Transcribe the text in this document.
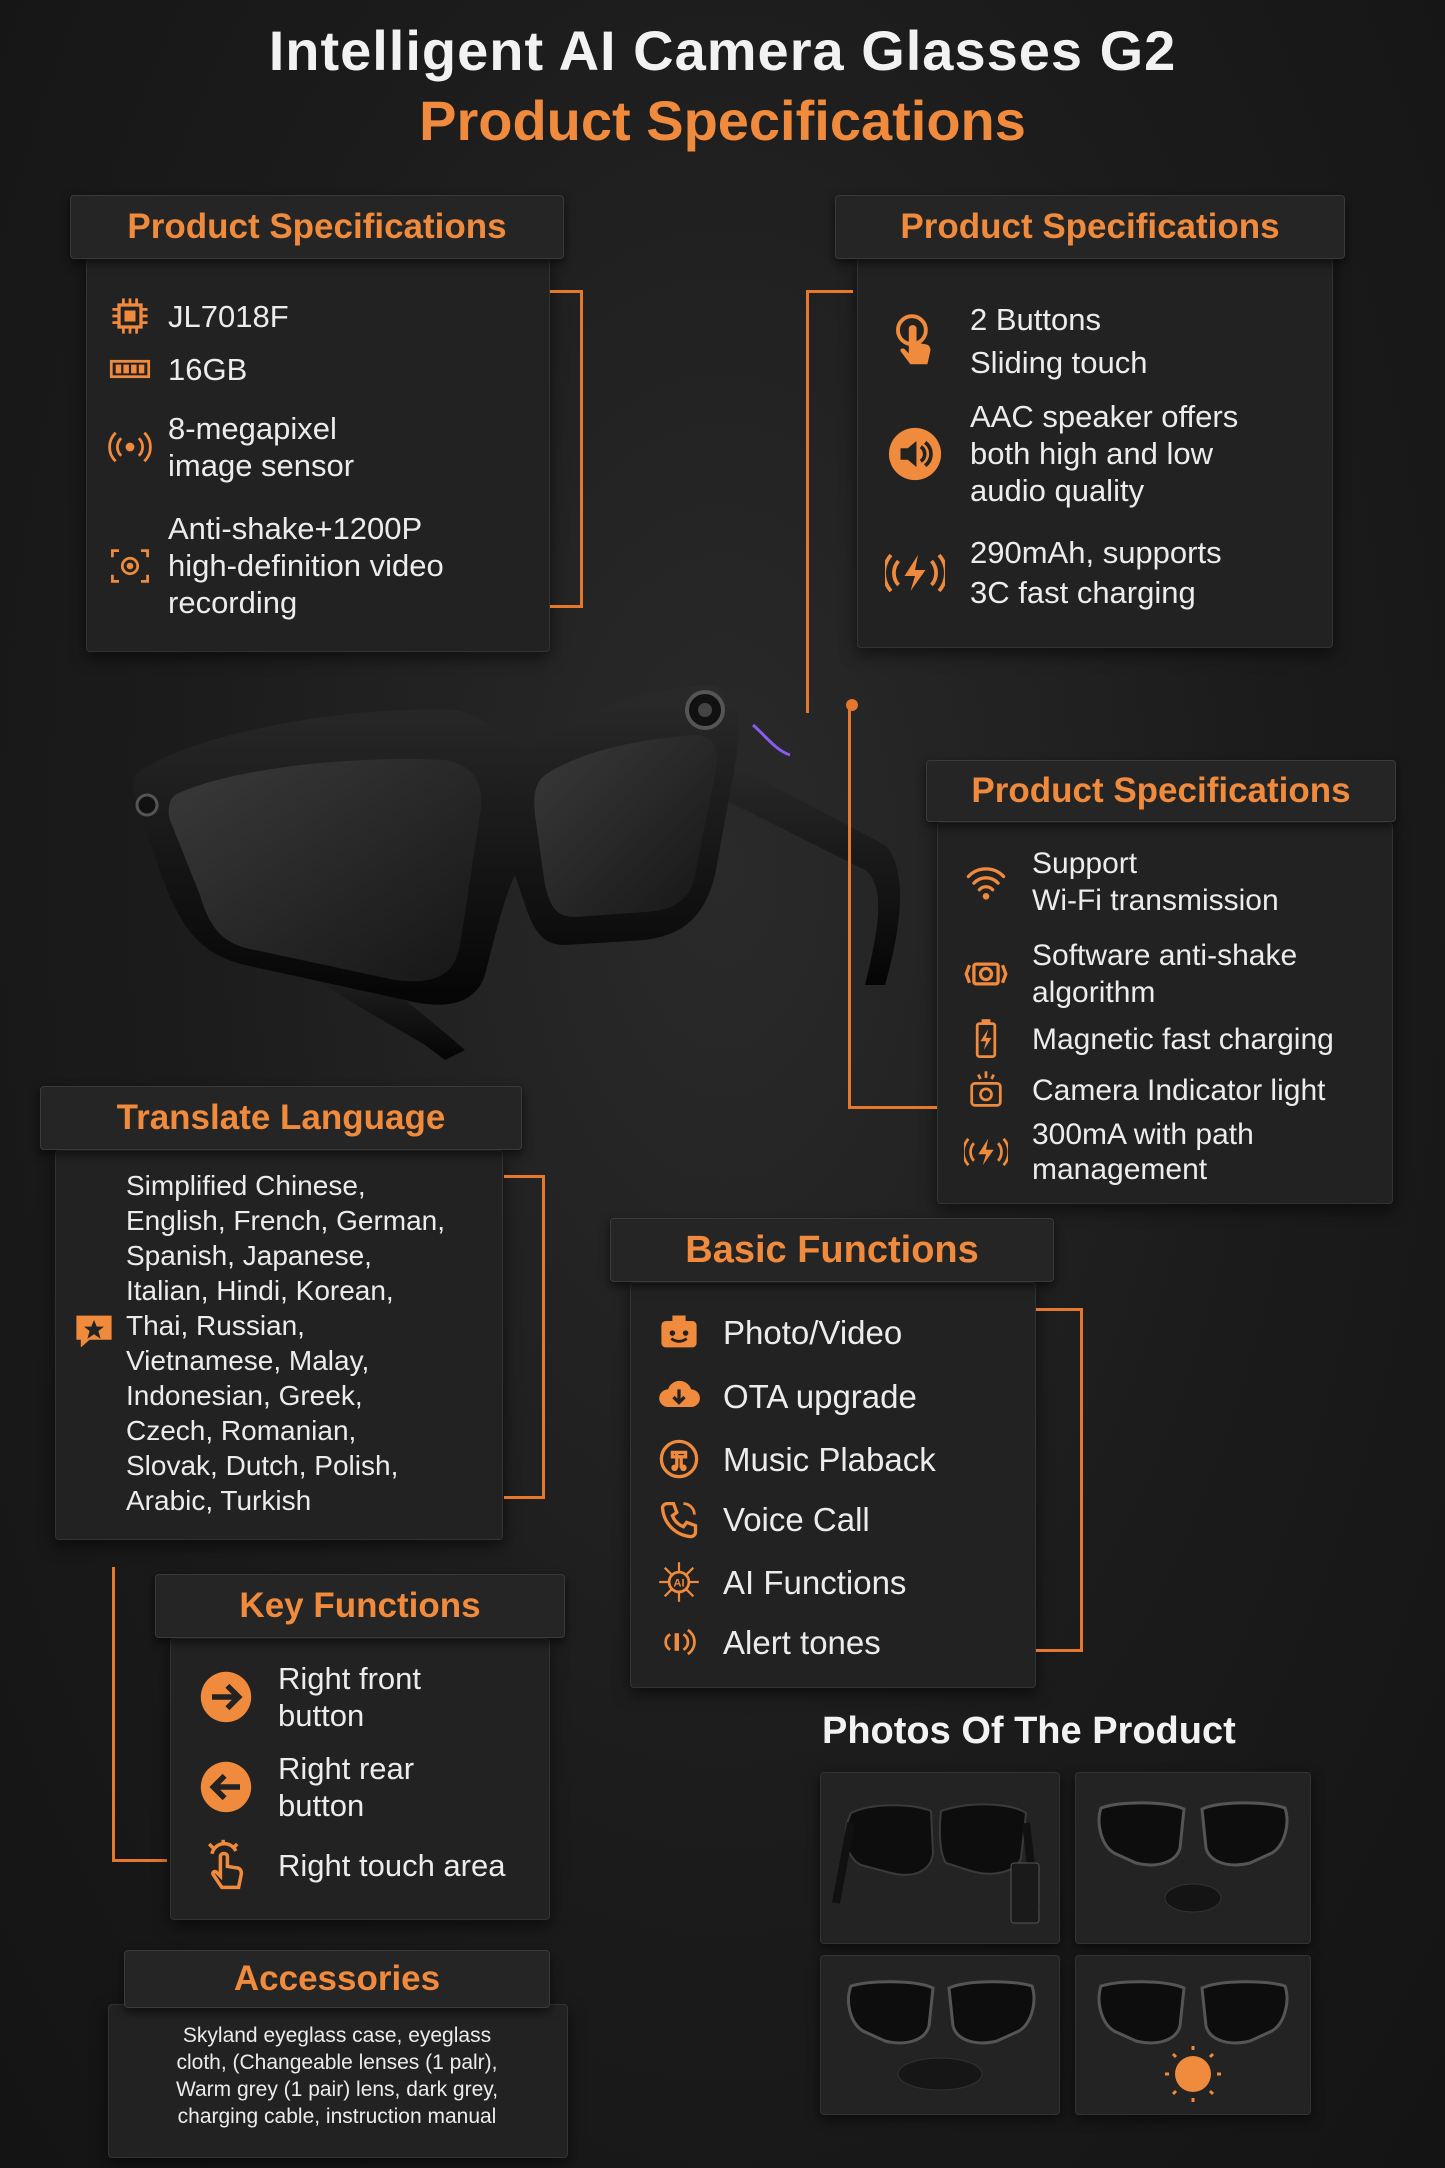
Intelligent AI Camera Glasses G2
Product Specifications
Product Specifications
JL7018F
16GB
8-megapixel
image sensor
Anti-shake+1200P
high-definition video
recording
Product Specifications
2 Buttons
Sliding touch
AAC speaker offers
both high and low
audio quality
290mAh, supports
3C fast charging
Product Specifications
Support
Wi-Fi transmission
Software anti-shake
algorithm
Magnetic fast charging
Camera Indicator light
300mA with path
management
Translate Language
Simplified Chinese,
English, French, German,
Spanish, Japanese,
Italian, Hindi, Korean,
Thai, Russian,
Vietnamese, Malay,
Indonesian, Greek,
Czech, Romanian,
Slovak, Dutch, Polish,
Arabic, Turkish
Basic Functions
Photo/Video
OTA upgrade
Music Plaback
Voice Call
AI AI Functions
Alert tones
Key Functions
Right front
button
Right rear
button
Right touch area
Accessories
Skyland eyeglass case, eyeglass
cloth, (Changeable lenses (1 palr),
Warm grey (1 pair) lens, dark grey,
charging cable, instruction manual
Photos Of The Product
